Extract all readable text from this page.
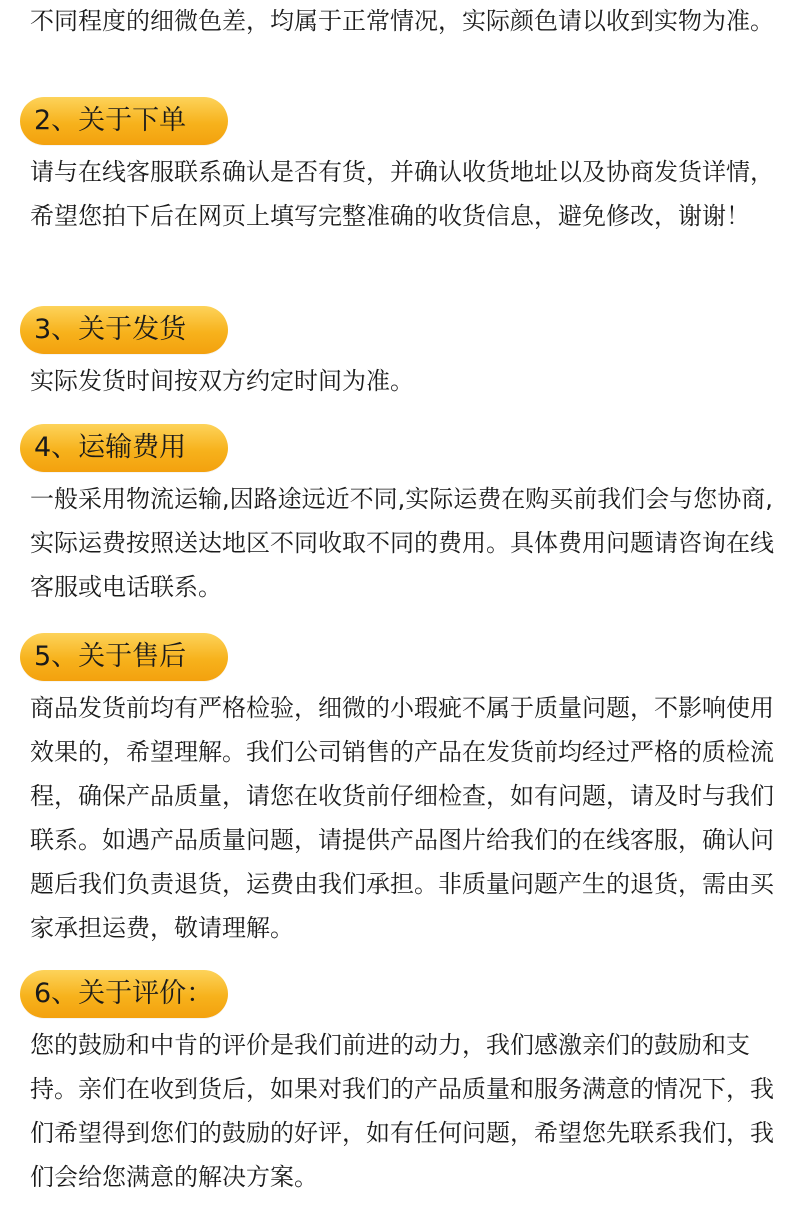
不同程度的细微色差，均属于正常情况，实际颜色请以收到实物为准。

2、关于下单

请与在线客服联系确认是否有货，并确认收货地址以及协商发货详情，希望您拍下后在网页上填写完整准确的收货信息，避免修改，谢谢！

3、关于发货

实际发货时间按双方约定时间为准。

4、运输费用

一般采用物流运输,因路途远近不同,实际运费在购买前我们会与您协商,实际运费按照送达地区不同收取不同的费用。具体费用问题请咨询在线客服或电话联系。

5、关于售后

商品发货前均有严格检验，细微的小瑕疵不属于质量问题，不影响使用效果的，希望理解。我们公司销售的产品在发货前均经过严格的质检流程，确保产品质量，请您在收货前仔细检查，如有问题，请及时与我们联系。如遇产品质量问题，请提供产品图片给我们的在线客服，确认问题后我们负责退货，运费由我们承担。非质量问题产生的退货，需由买家承担运费，敬请理解。

6、关于评价：

您的鼓励和中肯的评价是我们前进的动力，我们感激亲们的鼓励和支持。亲们在收到货后，如果对我们的产品质量和服务满意的情况下，我们希望得到您们的鼓励的好评，如有任何问题，希望您先联系我们，我们会给您满意的解决方案。
